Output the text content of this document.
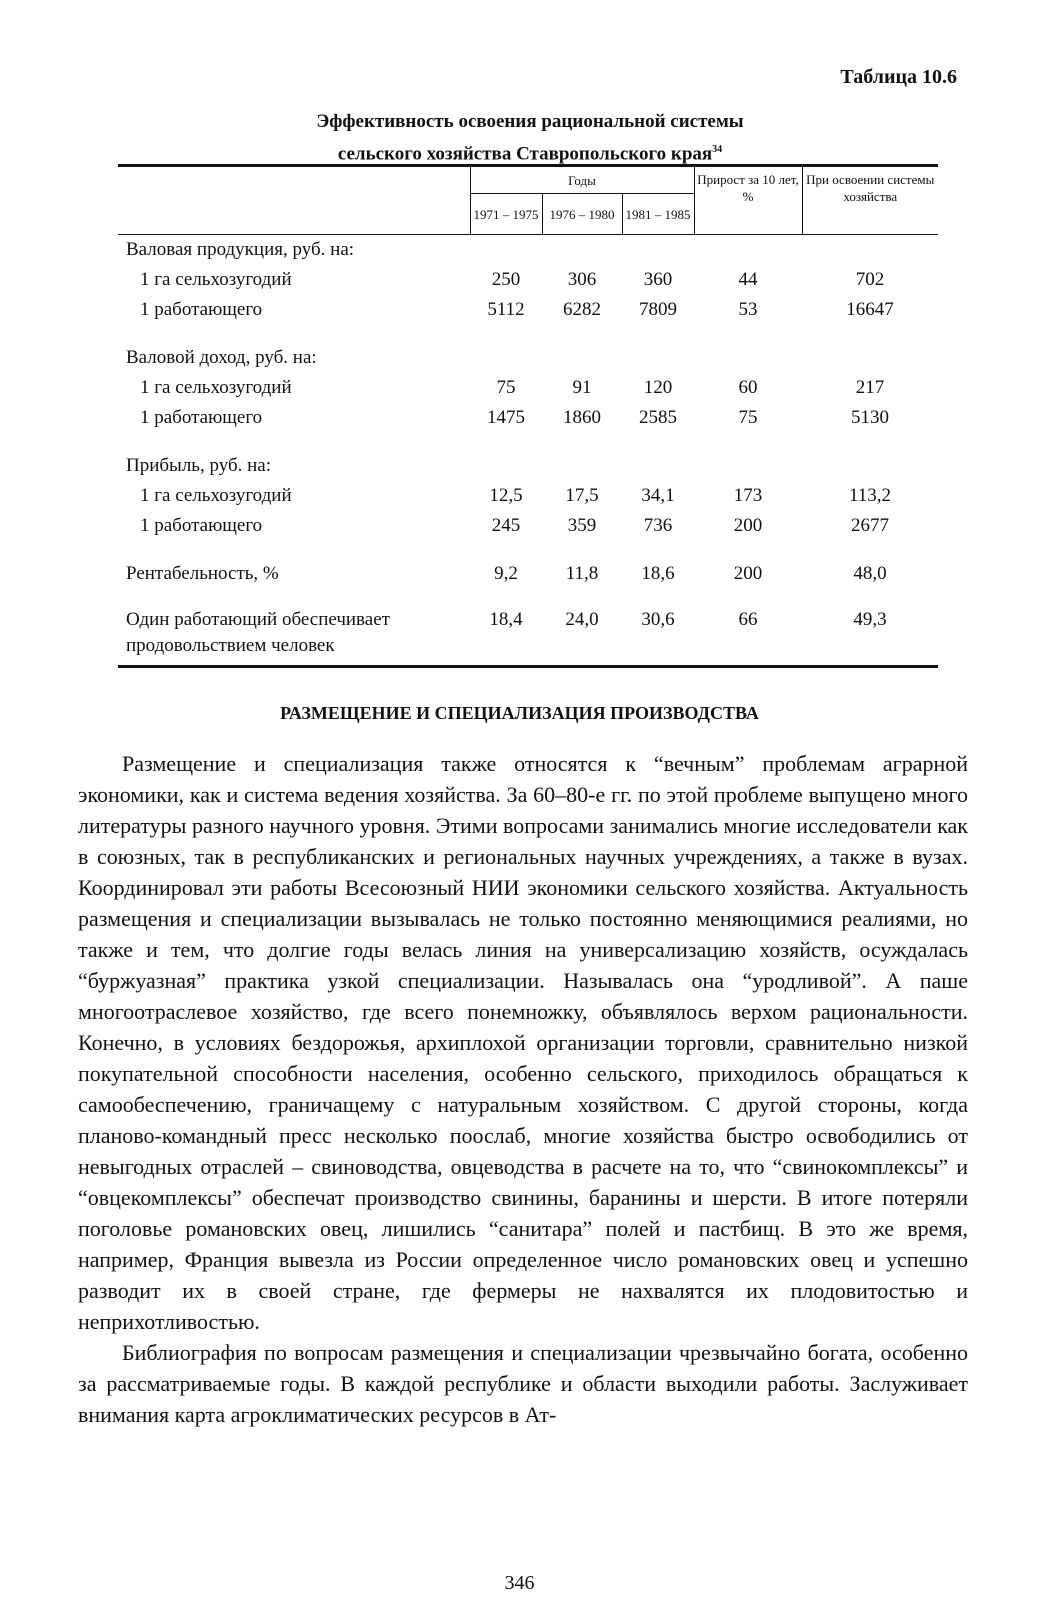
Таблица 10.6
Эффективность освоения рациональной системы
сельского хозяйства Ставропольского края$^{34}$
	Годы			Прирост за 10 лет, %	При освоении системы хозяйства
	1971 – 1975	1976 – 1980	1981 – 1985		
Валовая продукция, руб. на:					
1 га сельхозугодий	250	306	360	44	702
1 работающего	5112	6282	7809	53	16647
Валовой доход, руб. на:					
1 га сельхозугодий	75	91	120	60	217
1 работающего	1475	1860	2585	75	5130
Прибыль, руб. на:					
1 га сельхозугодий	12,5	17,5	34,1	173	113,2
1 работающего	245	359	736	200	2677
Рентабельность, %	9,2	11,8	18,6	200	48,0
Один работающий обеспечивает продовольствием человек	18,4	24,0	30,6	66	49,3
РАЗМЕЩЕНИЕ И СПЕЦИАЛИЗАЦИЯ ПРОИЗВОДСТВА

Размещение и специализация также относятся к “вечным” проблемам аграрной экономики, как и система ведения хозяйства. За 60–80-е гг. по этой проблеме выпущено много литературы разного научного уровня. Этими вопросами занимались многие исследователи как в союзных, так в республиканских и региональных научных учреждениях, а также в вузах. Координировал эти работы Всесоюзный НИИ экономики сельского хозяйства. Актуальность размещения и специализации вызывалась не только постоянно меняющимися реалиями, но также и тем, что долгие годы велась линия на универсализацию хозяйств, осуждалась “буржуазная” практика узкой специализации. Называлась она “уродливой”. А паше многоотраслевое хозяйство, где всего понемножку, объявлялось верхом рациональности. Конечно, в условиях бездорожья, архиплохой организации торговли, сравнительно низкой покупательной способности населения, особенно сельского, приходилось обращаться к самообеспечению, граничащему с натуральным хозяйством. С другой стороны, когда планово-командный пресс несколько поослаб, многие хозяйства быстро освободились от невыгодных отраслей – свиноводства, овцеводства в расчете на то, что “свинокомплексы” и “овцекомплексы” обеспечат производство свинины, баранины и шерсти. В итоге потеряли поголовье романовских овец, лишились “санитара” полей и пастбищ. В это же время, например, Франция вывезла из России определенное число романовских овец и успешно разводит их в своей стране, где фермеры не нахвалятся их плодовитостью и неприхотливостью.

Библиография по вопросам размещения и специализации чрезвычайно богата, особенно за рассматриваемые годы. В каждой республике и области выходили работы. Заслуживает внимания карта агроклиматических ресурсов в Ат-

346
